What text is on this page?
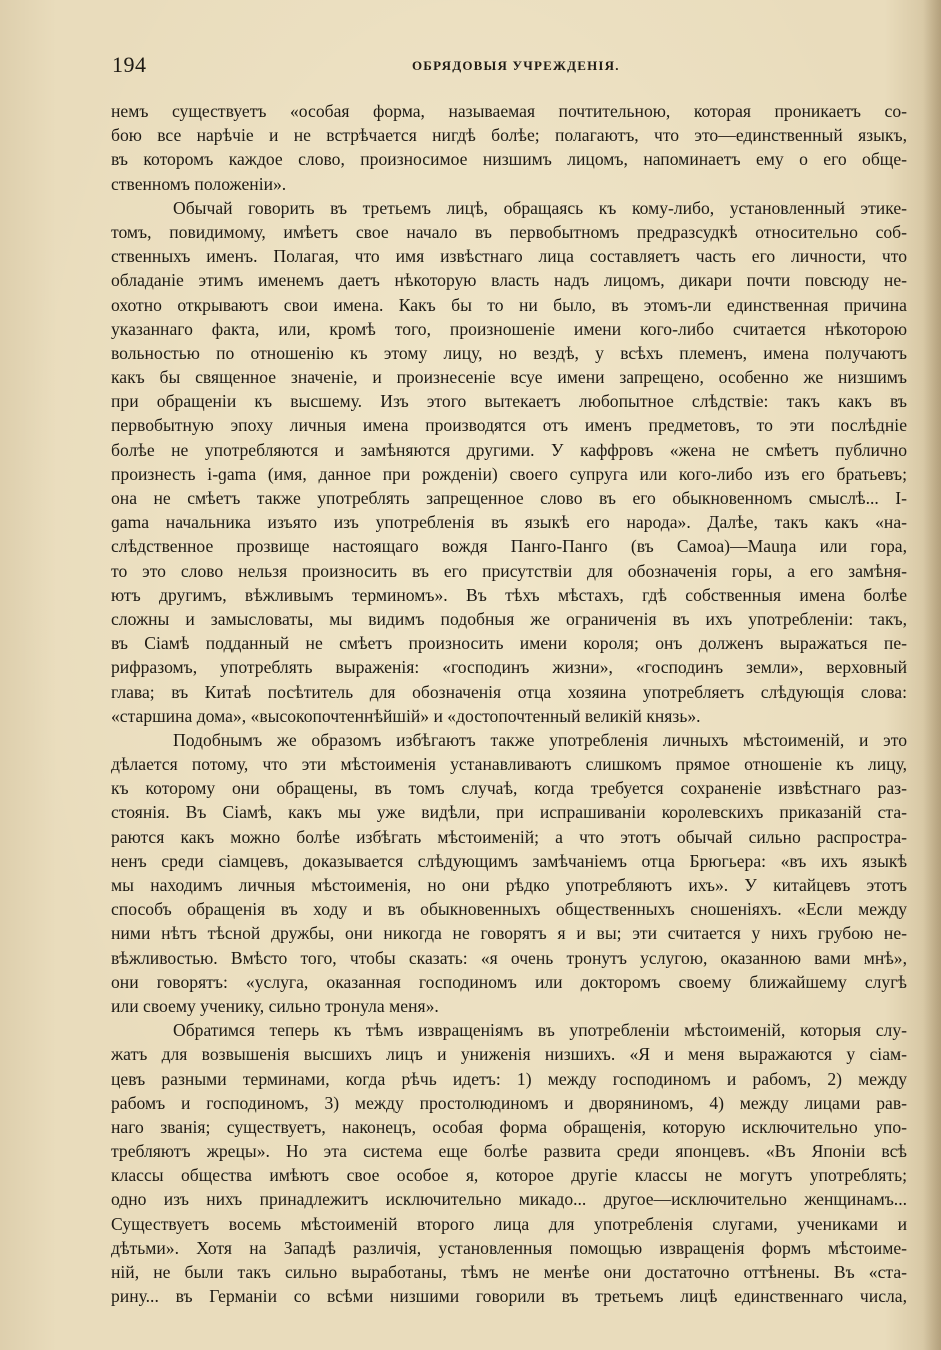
194	ОБРЯДОВЫЯ УЧРЕЖДЕНІЯ.
немъ существуетъ «особая форма, называемая почтительною, которая проникаетъ со-
бою все нарѣчіе и не встрѣчается нигдѣ болѣе; полагаютъ, что это—единственный языкъ,
въ которомъ каждое слово, произносимое низшимъ лицомъ, напоминаетъ ему о его обще-
ственномъ положеніи».
Обычай говорить въ третьемъ лицѣ, обращаясь къ кому-либо, установленный этике-
томъ, повидимому, имѣетъ свое начало въ первобытномъ предразсудкѣ относительно соб-
ственныхъ именъ. Полагая, что имя извѣстнаго лица составляетъ часть его личности, что
обладаніе этимъ именемъ даетъ нѣкоторую власть надъ лицомъ, дикари почти повсюду не-
охотно открываютъ свои имена. Какъ бы то ни было, въ этомъ-ли единственная причина
указаннаго факта, или, кромѣ того, произношеніе имени кого-либо считается нѣкоторою
вольностью по отношенію къ этому лицу, но вездѣ, у всѣхъ племенъ, имена получаютъ
какъ бы священное значеніе, и произнесеніе всуе имени запрещено, особенно же низшимъ
при обращеніи къ высшему. Изъ этого вытекаетъ любопытное слѣдствіе: такъ какъ въ
первобытную эпоху личныя имена производятся отъ именъ предметовъ, то эти послѣдніе
болѣе не употребляются и замѣняются другими. У каффровъ «жена не смѣетъ публично
произнесть i-ɡama (имя, данное при рожденіи) своего супруга или кого-либо изъ его братьевъ;
она не смѣетъ также употреблять запрещенное слово въ его обыкновенномъ смыслѣ... I-
ɡama начальника изъято изъ употребленія въ языкѣ его народа». Далѣе, такъ какъ «на-
слѣдственное прозвище настоящаго вождя Панго-Панго (въ Самоа)—Mauŋa или гора,
то это слово нельзя произносить въ его присутствіи для обозначенія горы, а его замѣня-
ютъ другимъ, вѣжливымъ терминомъ». Въ тѣхъ мѣстахъ, гдѣ собственныя имена болѣе
сложны и замысловаты, мы видимъ подобныя же ограниченія въ ихъ употребленіи: такъ,
въ Сіамѣ подданный не смѣетъ произносить имени короля; онъ долженъ выражаться пе-
рифразомъ, употреблять выраженія: «господинъ жизни», «господинъ земли», верховный
глава; въ Китаѣ посѣтитель для обозначенія отца хозяина употребляетъ слѣдующія слова:
«старшина дома», «высокопочтеннѣйшій» и «достопочтенный великій князь».
Подобнымъ же образомъ избѣгаютъ также употребленія личныхъ мѣстоименій, и это
дѣлается потому, что эти мѣстоименія устанавливаютъ слишкомъ прямое отношеніе къ лицу,
къ которому они обращены, въ томъ случаѣ, когда требуется сохраненіе извѣстнаго раз-
стоянія. Въ Сіамѣ, какъ мы уже видѣли, при испрашиваніи королевскихъ приказаній ста-
раются какъ можно болѣе избѣгать мѣстоименій; а что этотъ обычай сильно распростра-
ненъ среди сіамцевъ, доказывается слѣдующимъ замѣчаніемъ отца Брюгьера: «въ ихъ языкѣ
мы находимъ личныя мѣстоименія, но они рѣдко употребляютъ ихъ». У китайцевъ этотъ
способъ обращенія въ ходу и въ обыкновенныхъ общественныхъ сношеніяхъ. «Если между
ними нѣтъ тѣсной дружбы, они никогда не говорятъ я и вы; эти считается у нихъ грубою не-
вѣжливостью. Вмѣсто того, чтобы сказать: «я очень тронутъ услугою, оказанною вами мнѣ»,
они говорятъ: «услуга, оказанная господиномъ или докторомъ своему ближайшему слугѣ
или своему ученику, сильно тронула меня».
Обратимся теперь къ тѣмъ извращеніямъ въ употребленіи мѣстоименій, которыя слу-
жатъ для возвышенія высшихъ лицъ и униженія низшихъ. «Я и меня выражаются у сіам-
цевъ разными терминами, когда рѣчь идетъ: 1) между господиномъ и рабомъ, 2) между
рабомъ и господиномъ, 3) между простолюдиномъ и дворяниномъ, 4) между лицами рав-
наго званія; существуетъ, наконецъ, особая форма обращенія, которую исключительно упо-
требляютъ жрецы». Но эта система еще болѣе развита среди японцевъ. «Въ Японіи всѣ
классы общества имѣютъ свое особое я, которое другіе классы не могутъ употреблять;
одно изъ нихъ принадлежитъ исключительно микадо... другое—исключительно женщинамъ...
Существуетъ восемь мѣстоименій второго лица для употребленія слугами, учениками и
дѣтьми». Хотя на Западѣ различія, установленныя помощью извращенія формъ мѣстоиме-
ній, не были такъ сильно выработаны, тѣмъ не менѣе они достаточно оттѣнены. Въ «ста-
рину... въ Германіи со всѣми низшими говорили въ третьемъ лицѣ единственнаго числа,
